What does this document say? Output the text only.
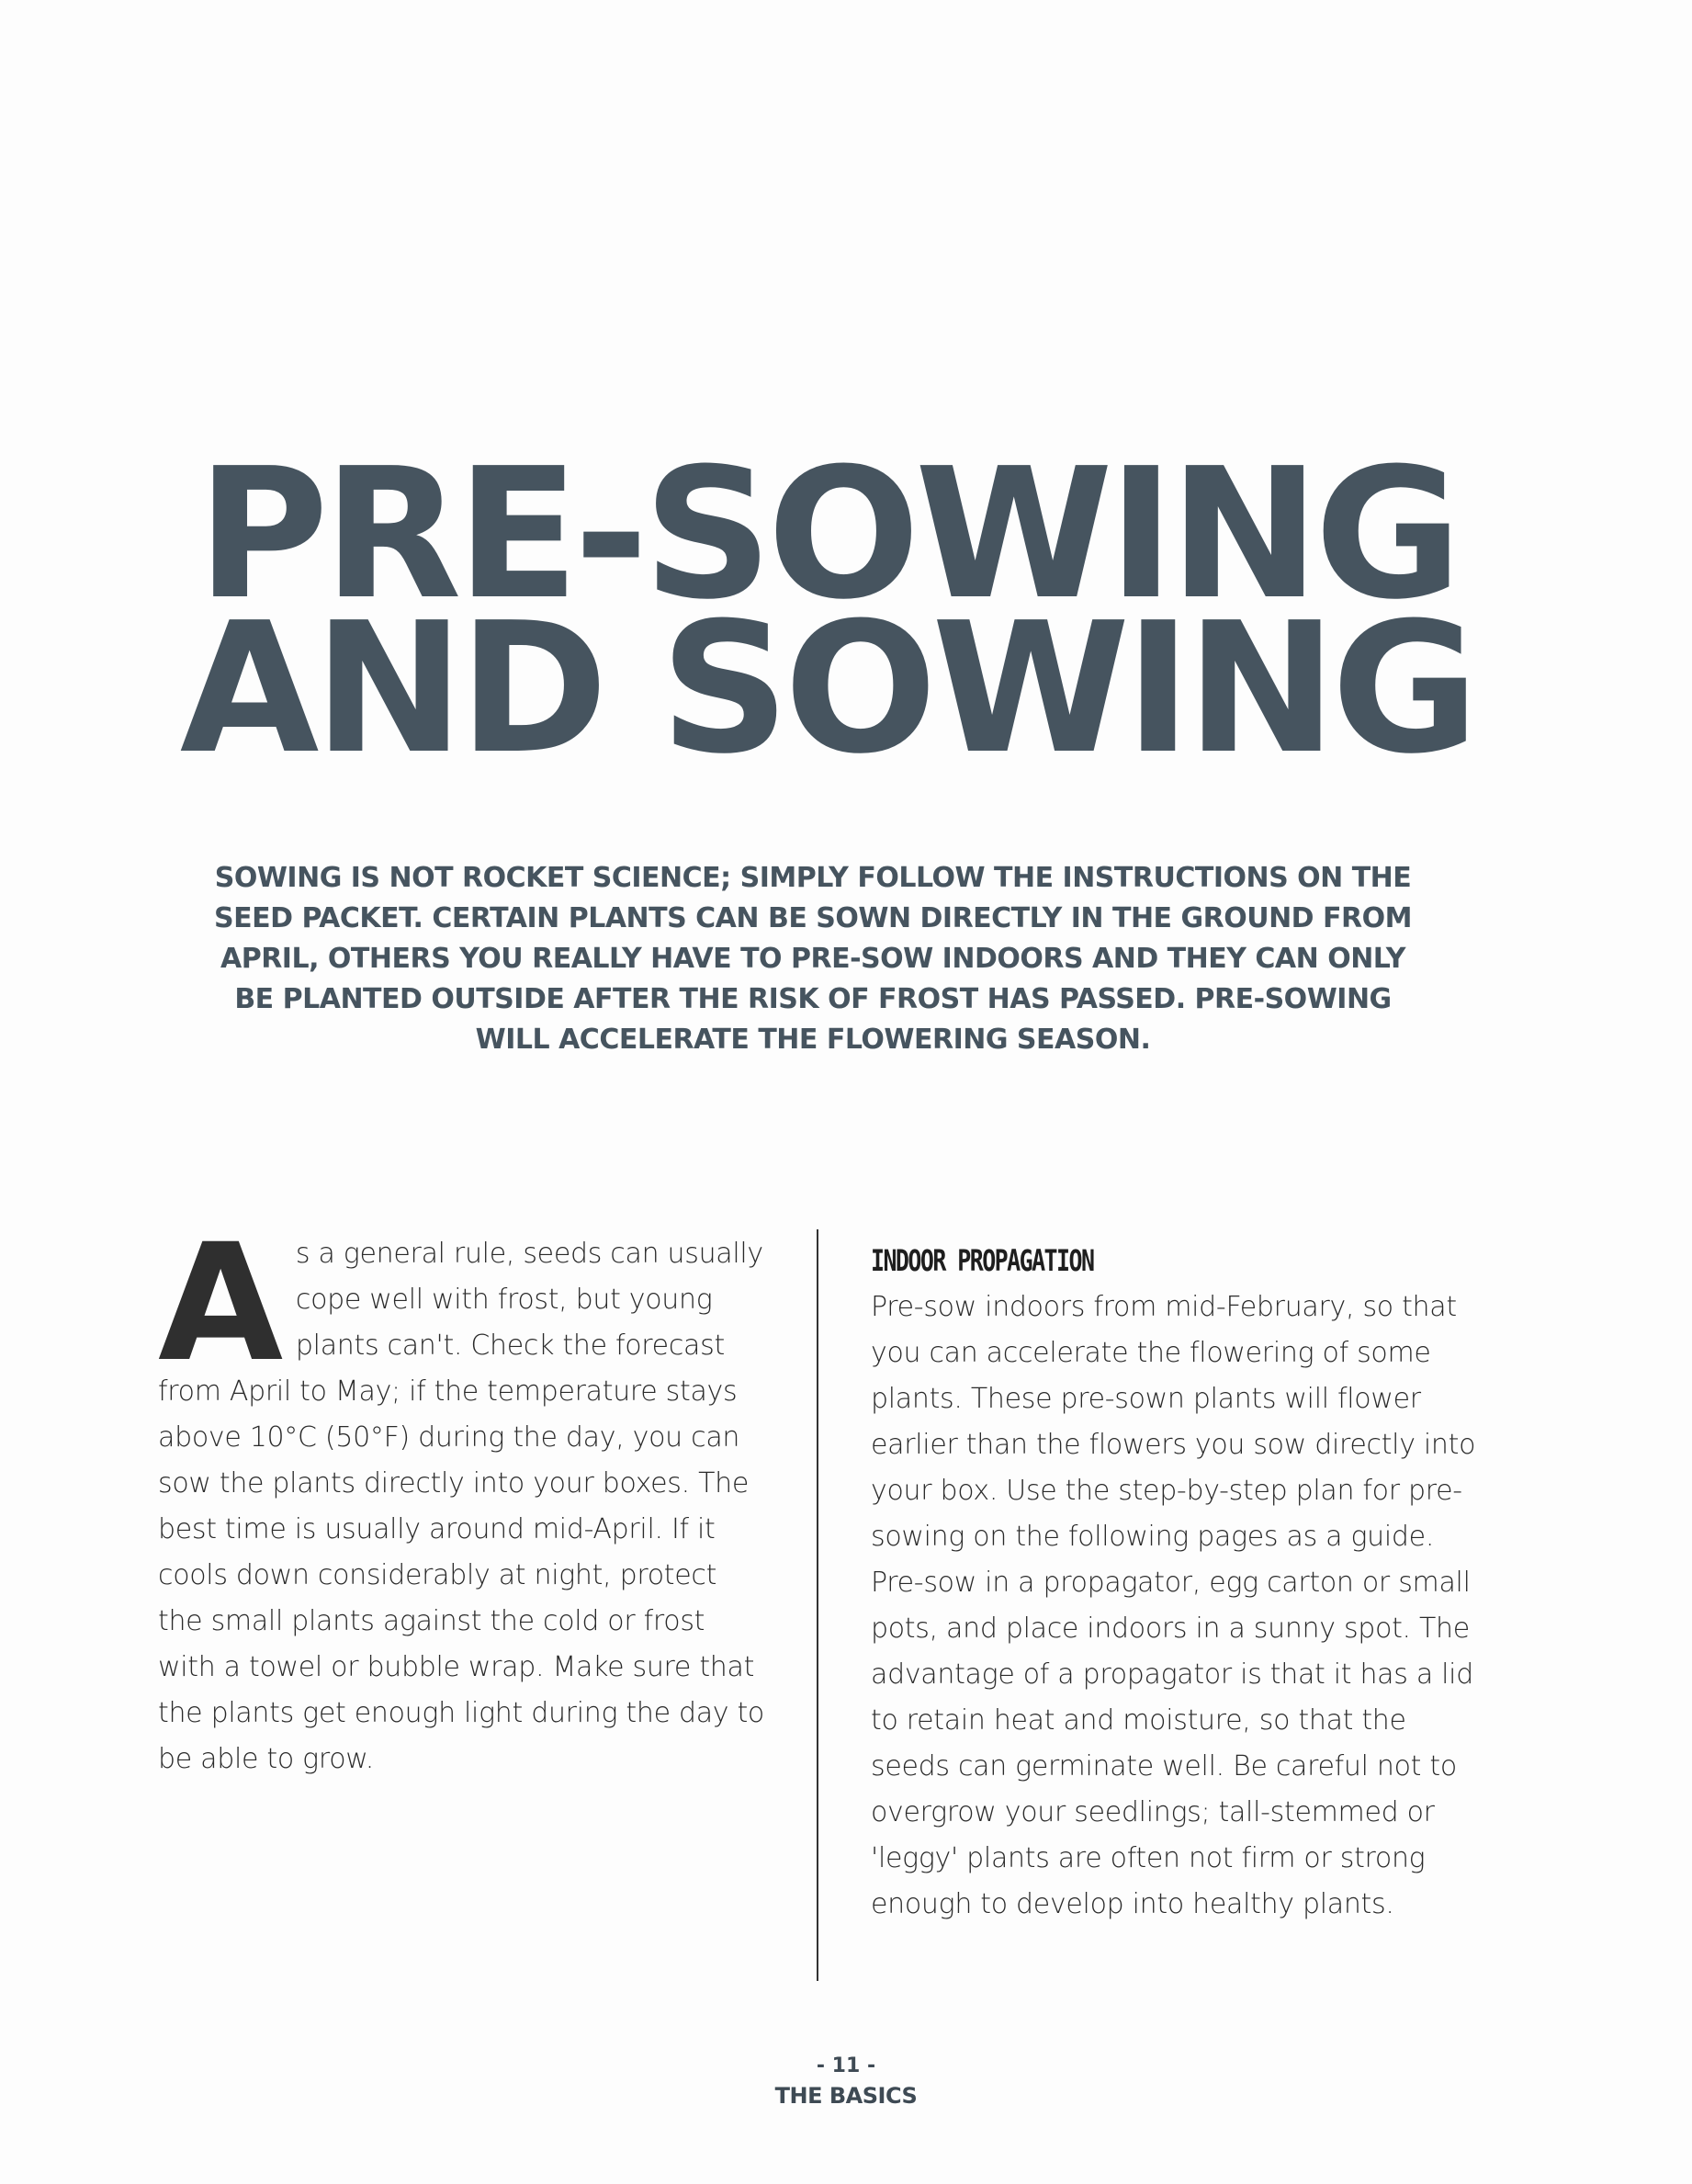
PRE-SOWING
AND SOWING

SOWING IS NOT ROCKET SCIENCE; SIMPLY FOLLOW THE INSTRUCTIONS ON THE SEED PACKET. CERTAIN PLANTS CAN BE SOWN DIRECTLY IN THE GROUND FROM APRIL, OTHERS YOU REALLY HAVE TO PRE-SOW INDOORS AND THEY CAN ONLY BE PLANTED OUTSIDE AFTER THE RISK OF FROST HAS PASSED. PRE-SOWING WILL ACCELERATE THE FLOWERING SEASON.

A s a general rule, seeds can usually cope well with frost, but young plants can't. Check the forecast from April to May; if the temperature stays above 10°C (50°F) during the day, you can sow the plants directly into your boxes. The best time is usually around mid-April. If it cools down considerably at night, protect the small plants against the cold or frost with a towel or bubble wrap. Make sure that the plants get enough light during the day to be able to grow.

INDOOR PROPAGATION

Pre-sow indoors from mid-February, so that you can accelerate the flowering of some plants. These pre-sown plants will flower earlier than the flowers you sow directly into your box. Use the step-by-step plan for pre-sowing on the following pages as a guide. Pre-sow in a propagator, egg carton or small pots, and place indoors in a sunny spot. The advantage of a propagator is that it has a lid to retain heat and moisture, so that the seeds can germinate well. Be careful not to overgrow your seedlings; tall-stemmed or 'leggy' plants are often not firm or strong enough to develop into healthy plants.

- 11 -
THE BASICS
